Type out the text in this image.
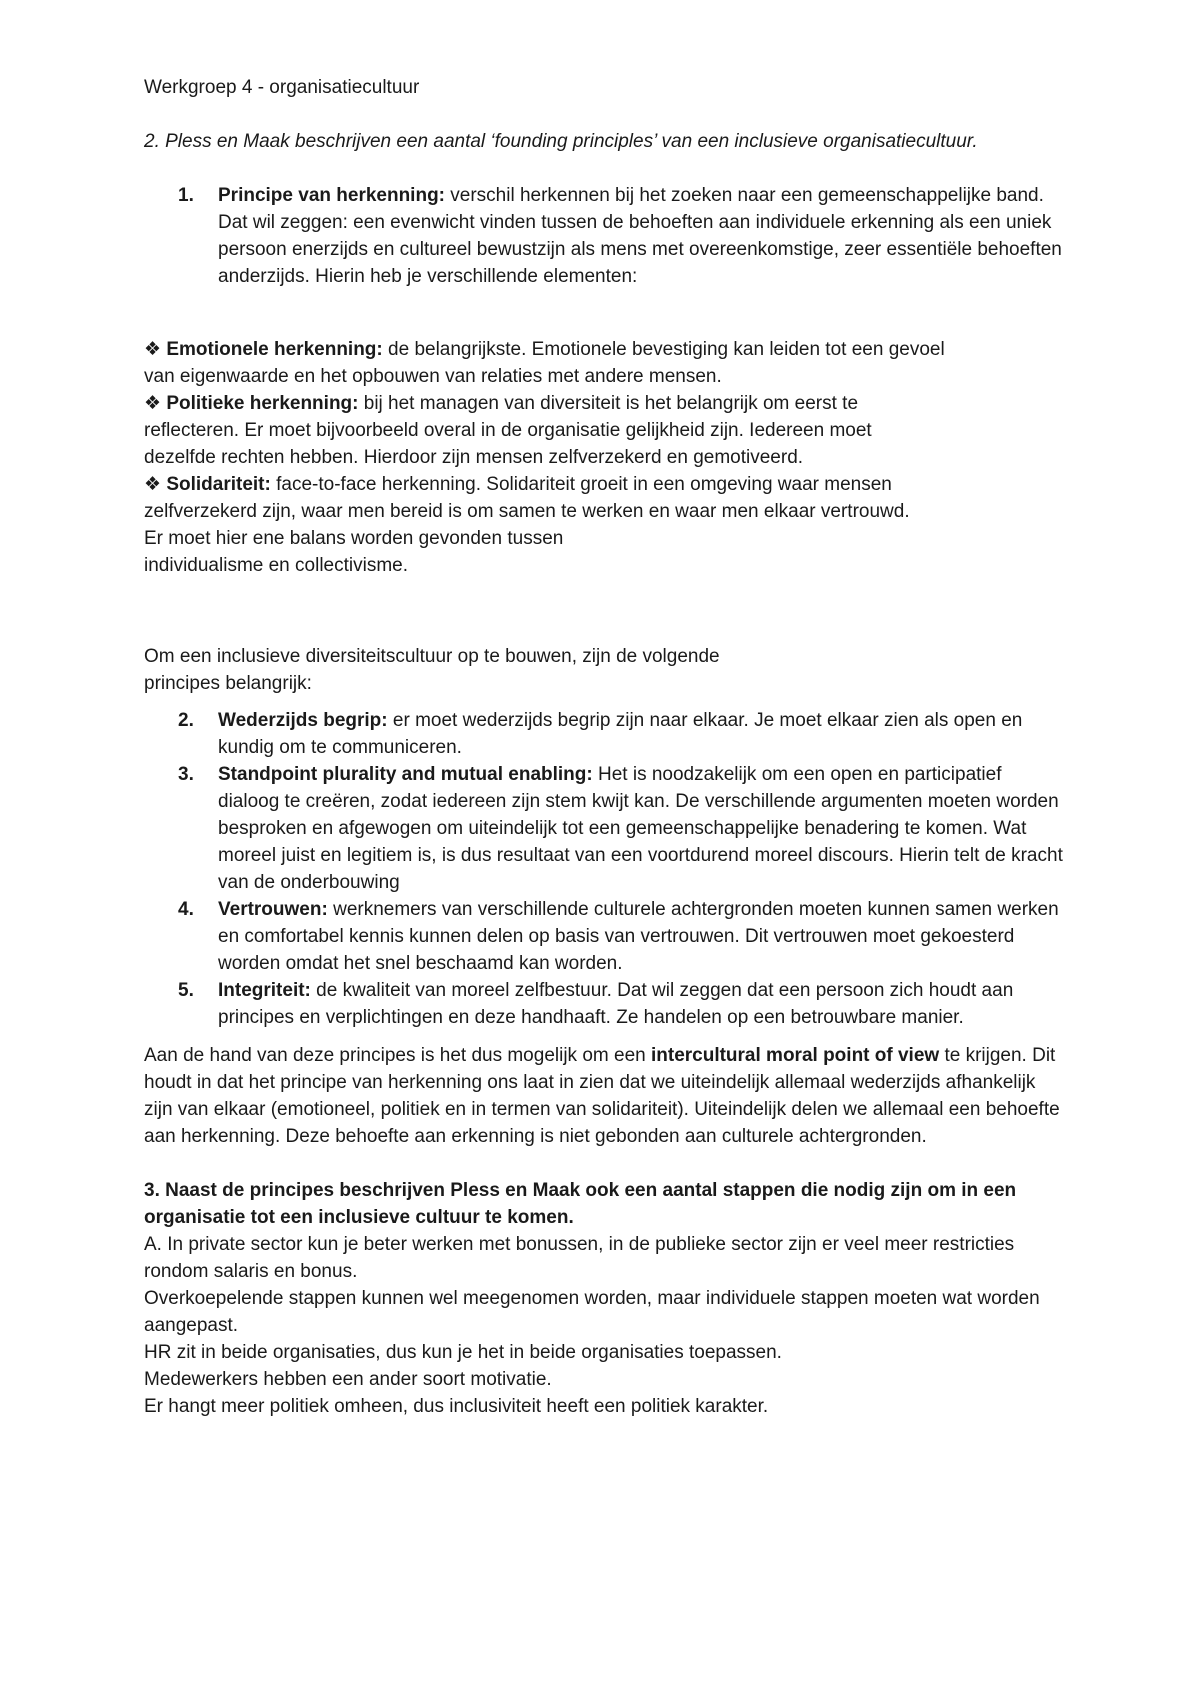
Werkgroep 4 - organisatiecultuur

2. Pless en Maak beschrijven een aantal ‘founding principles’ van een inclusieve organisatiecultuur.

1. Principe van herkenning: verschil herkennen bij het zoeken naar een gemeenschappelijke band. Dat wil zeggen: een evenwicht vinden tussen de behoeften aan individuele erkenning als een uniek persoon enerzijds en cultureel bewustzijn als mens met overeenkomstige, zeer essentiële behoeften anderzijds. Hierin heb je verschillende elementen:

❖ Emotionele herkenning: de belangrijkste. Emotionele bevestiging kan leiden tot een gevoel

van eigenwaarde en het opbouwen van relaties met andere mensen.

❖ Politieke herkenning: bij het managen van diversiteit is het belangrijk om eerst te

reflecteren. Er moet bijvoorbeeld overal in de organisatie gelijkheid zijn. Iedereen moet

dezelfde rechten hebben. Hierdoor zijn mensen zelfverzekerd en gemotiveerd.

❖ Solidariteit: face-to-face herkenning. Solidariteit groeit in een omgeving waar mensen

zelfverzekerd zijn, waar men bereid is om samen te werken en waar men elkaar vertrouwd.

Er moet hier ene balans worden gevonden tussen

individualisme en collectivisme.

Om een inclusieve diversiteitscultuur op te bouwen, zijn de volgende

principes belangrijk:

2. Wederzijds begrip: er moet wederzijds begrip zijn naar elkaar. Je moet elkaar zien als open en kundig om te communiceren.
3. Standpoint plurality and mutual enabling: Het is noodzakelijk om een open en participatief dialoog te creëren, zodat iedereen zijn stem kwijt kan. De verschillende argumenten moeten worden besproken en afgewogen om uiteindelijk tot een gemeenschappelijke benadering te komen. Wat moreel juist en legitiem is, is dus resultaat van een voortdurend moreel discours. Hierin telt de kracht van de onderbouwing
4. Vertrouwen: werknemers van verschillende culturele achtergronden moeten kunnen samen werken en comfortabel kennis kunnen delen op basis van vertrouwen. Dit vertrouwen moet gekoesterd worden omdat het snel beschaamd kan worden.
5. Integriteit: de kwaliteit van moreel zelfbestuur. Dat wil zeggen dat een persoon zich houdt aan principes en verplichtingen en deze handhaaft. Ze handelen op een betrouwbare manier.

Aan de hand van deze principes is het dus mogelijk om een intercultural moral point of view te krijgen. Dit houdt in dat het principe van herkenning ons laat in zien dat we uiteindelijk allemaal wederzijds afhankelijk zijn van elkaar (emotioneel, politiek en in termen van solidariteit). Uiteindelijk delen we allemaal een behoefte aan herkenning. Deze behoefte aan erkenning is niet gebonden aan culturele achtergronden.

3. Naast de principes beschrijven Pless en Maak ook een aantal stappen die nodig zijn om in een organisatie tot een inclusieve cultuur te komen.

A. In private sector kun je beter werken met bonussen, in de publieke sector zijn er veel meer restricties rondom salaris en bonus.

Overkoepelende stappen kunnen wel meegenomen worden, maar individuele stappen moeten wat worden aangepast.

HR zit in beide organisaties, dus kun je het in beide organisaties toepassen.

Medewerkers hebben een ander soort motivatie.

Er hangt meer politiek omheen, dus inclusiviteit heeft een politiek karakter.
